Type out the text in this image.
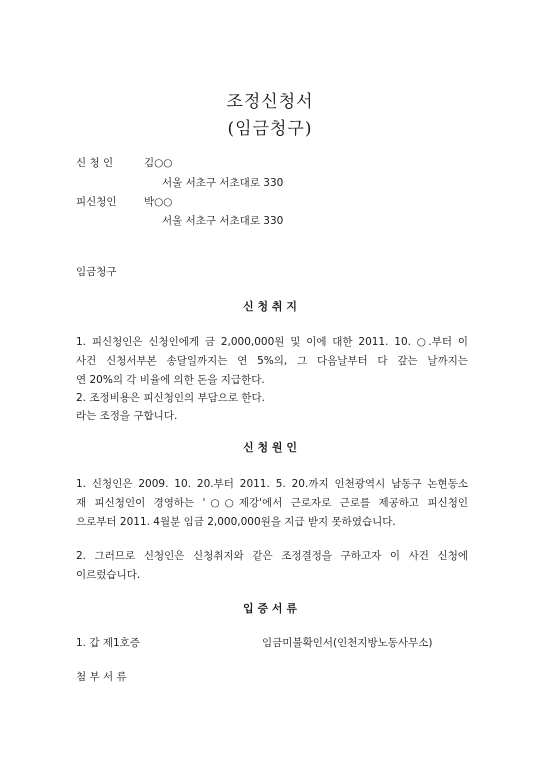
조정신청서
(임금청구)
신 청 인	김○○
서울 서초구 서초대로 330
피신청인	박○○
서울 서초구 서초대로 330
임금청구
신 청 취 지
1. 피신청인은 신청인에게 금 2,000,000원 및 이에 대한 2011. 10. ○.부터 이
사건 신청서부본 송달일까지는 연 5%의, 그 다음날부터 다 갚는 날까지는
연 20%의 각 비율에 의한 돈을 지급한다.
2. 조정비용은 피신청인의 부담으로 한다.
라는 조정을 구합니다.
신 청 원 인
1. 신청인은 2009. 10. 20.부터 2011. 5. 20.까지 인천광역시 남동구 논현동소
재 피신청인이 경영하는 '○○제강'에서 근로자로 근로를 제공하고 피신청인
으로부터 2011. 4월분 임금 2,000,000원을 지급 받지 못하였습니다.
2. 그러므로 신청인은 신청취지와 같은 조정결정을 구하고자 이 사건 신청에
이르렀습니다.
입 증 서 류
1. 갑 제1호증	임금미불확인서(인천지방노동사무소)
첨 부 서 류
